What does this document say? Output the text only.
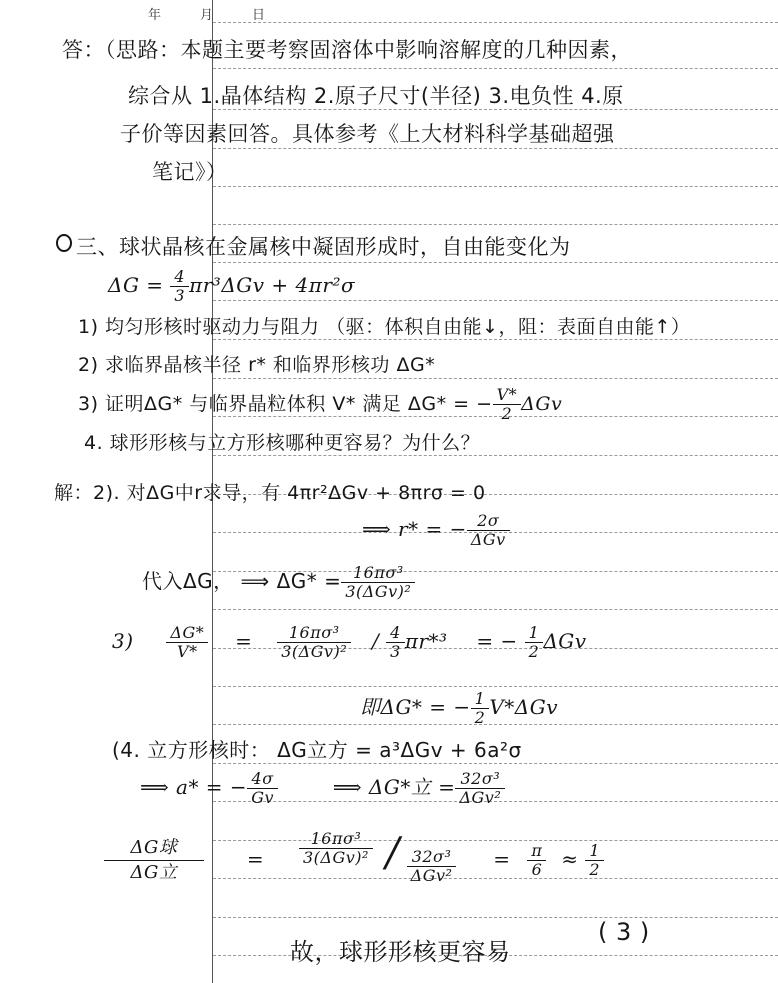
年	月	日
答：（思路：本题主要考察固溶体中影响溶解度的几种因素，
综合从 1.晶体结构 2.原子尺寸(半径) 3.电负性 4.原
子价等因素回答。具体参考《上大材料科学基础超强
笔记》）
三、球状晶核在金属核中凝固形成时，自由能变化为
$\Delta G = \frac{4}{3} \pi r^3\Delta Gv + 4\pi r^2\sigma$
1) 均匀形核时驱动力与阻力 （驱：体积自由能↓，阻：表面自由能↑）
2) 求临界晶核半径 r* 和临界形核功 ΔG*
3) 证明ΔG* 与临界晶粒体积 V* 满足 ΔG* = − $\frac{V*}{2}$ ΔGv
4. 球形形核与立方形核哪种更容易？为什么？
解：2). 对ΔG中r求导，有 4πr²ΔGv + 8πrσ = 0
⟹ r* = − $\frac{2\sigma}{\text{ΔGv}}$
代入ΔG， ⟹ $\Delta G* = \frac{\text{16πσ³}}{\text{3(ΔGv)²}}$
$3) \frac{\Delta G*}{V*} = \frac{\text{16πσ³}}{\text{3(ΔGv)²}} / \frac{4}{3} \pi r*^3$ = − $\frac{1}{2}$ ΔGv
即ΔG* = − $\frac{1}{2} V*\Delta Gv$
(4. 立方形核时： ΔG立方 = a³ΔGv + 6a²σ
⟹ a* = − $\frac{4\sigma}{Gv}$	⟹ ΔG*立 = $\frac{\text{32σ³}}{\text{ΔGv²}}$
$\frac{\text{ΔG球}}{\text{ΔG立}} = \frac{\text{16πσ³}}{\text{3(ΔGv)²}} / \frac{\text{32σ³}}{\text{ΔGv²}} = \frac{\pi}{6} \approx \frac{1}{2}$
故，球形形核更容易
( 3 )
